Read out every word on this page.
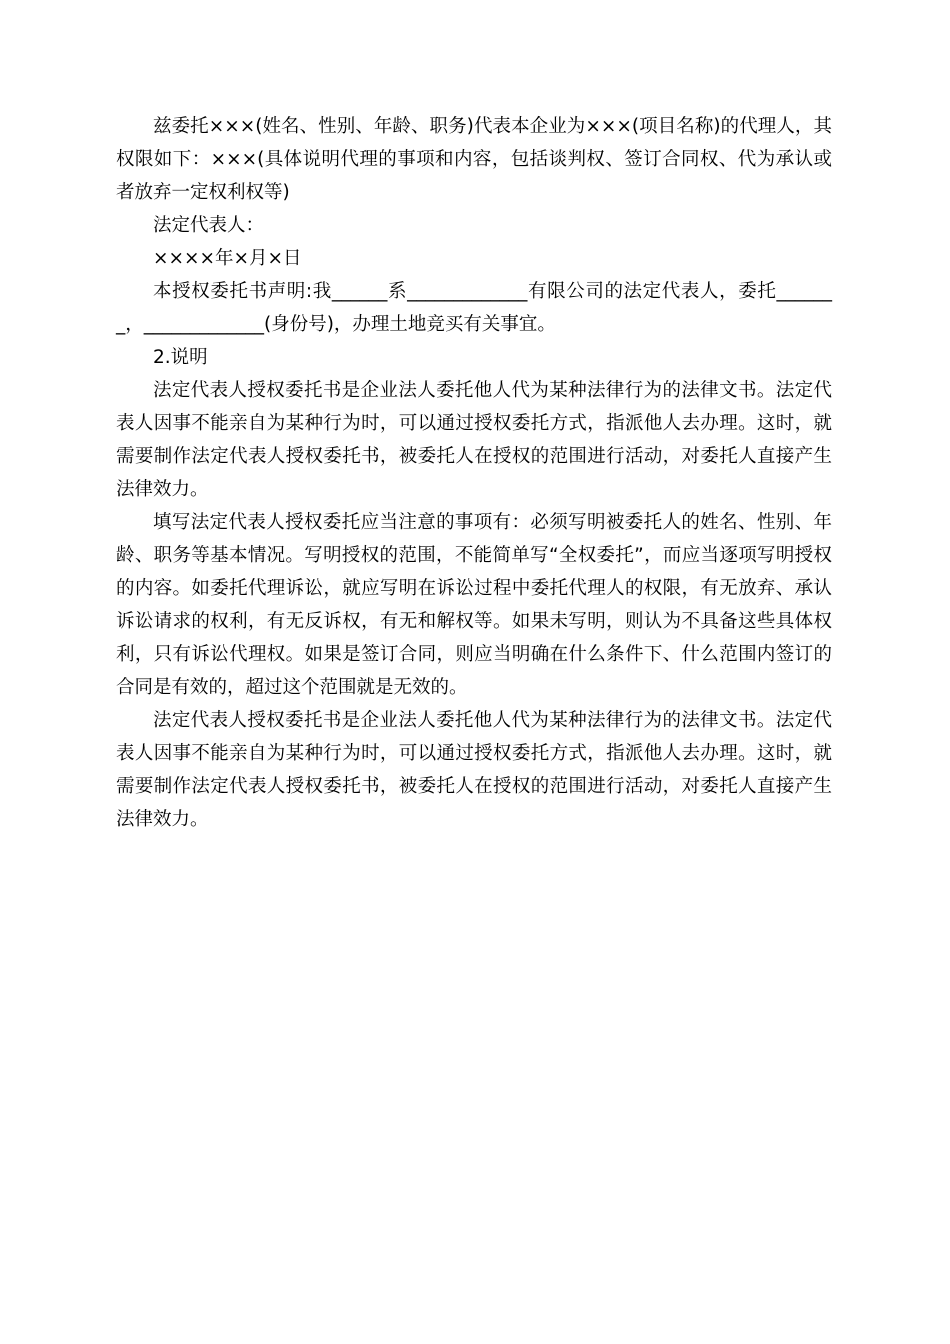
兹委托×××(姓名、性别、年龄、职务)代表本企业为×××(项目名称)的代理人，其权限如下：×××(具体说明代理的事项和内容，包括谈判权、签订合同权、代为承认或者放弃一定权利权等)

法定代表人：

××××年×月×日

本授权委托书声明:我______系_____________有限公司的法定代表人，委托_______，_____________(身份号)，办理土地竞买有关事宜。

2.说明

法定代表人授权委托书是企业法人委托他人代为某种法律行为的法律文书。法定代表人因事不能亲自为某种行为时，可以通过授权委托方式，指派他人去办理。这时，就需要制作法定代表人授权委托书，被委托人在授权的范围进行活动，对委托人直接产生法律效力。

填写法定代表人授权委托应当注意的事项有：必须写明被委托人的姓名、性别、年龄、职务等基本情况。写明授权的范围，不能简单写“全权委托”，而应当逐项写明授权的内容。如委托代理诉讼，就应写明在诉讼过程中委托代理人的权限，有无放弃、承认诉讼请求的权利，有无反诉权，有无和解权等。如果未写明，则认为不具备这些具体权利，只有诉讼代理权。如果是签订合同，则应当明确在什么条件下、什么范围内签订的合同是有效的，超过这个范围就是无效的。

法定代表人授权委托书是企业法人委托他人代为某种法律行为的法律文书。法定代表人因事不能亲自为某种行为时，可以通过授权委托方式，指派他人去办理。这时，就需要制作法定代表人授权委托书，被委托人在授权的范围进行活动，对委托人直接产生法律效力。
